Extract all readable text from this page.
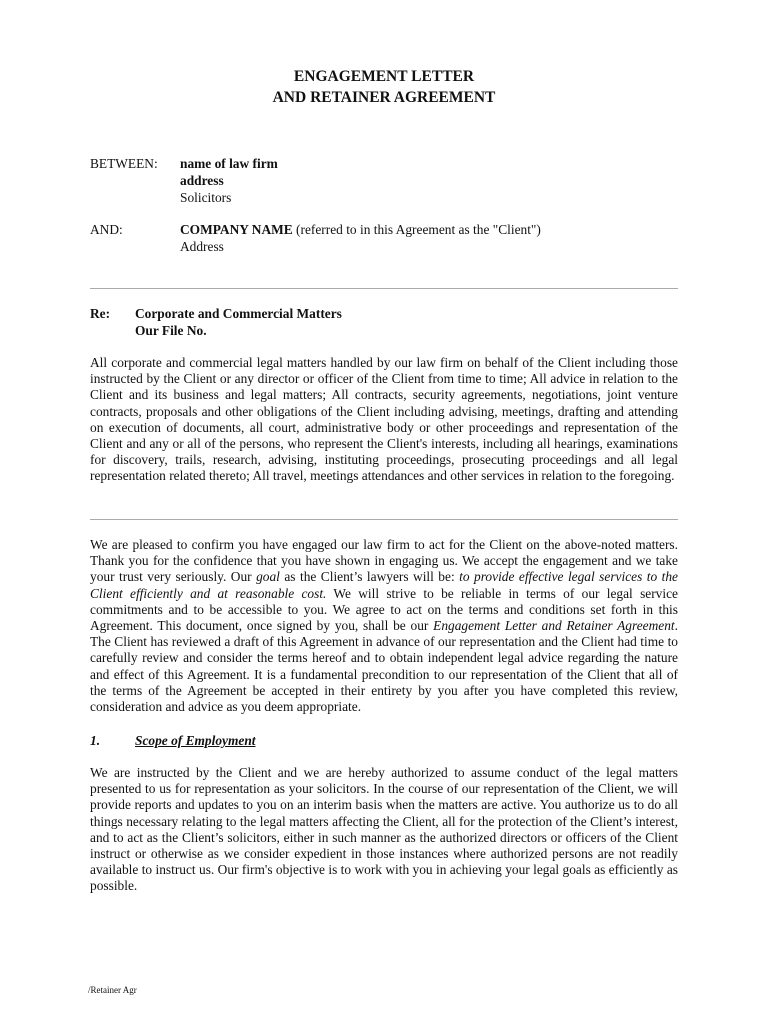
ENGAGEMENT LETTER
AND RETAINER AGREEMENT
BETWEEN:	name of law firm
address
Solicitors
AND:	COMPANY NAME (referred to in this Agreement as the "Client")
Address
Re: Corporate and Commercial Matters
Our File No.
All corporate and commercial legal matters handled by our law firm on behalf of the Client including those instructed by the Client or any director or officer of the Client from time to time; All advice in relation to the Client and its business and legal matters; All contracts, security agreements, negotiations, joint venture contracts, proposals and other obligations of the Client including advising, meetings, drafting and attending on execution of documents, all court, administrative body or other proceedings and representation of the Client and any or all of the persons, who represent the Client's interests, including all hearings, examinations for discovery, trails, research, advising, instituting proceedings, prosecuting proceedings and all legal representation related thereto; All travel, meetings attendances and other services in relation to the foregoing.
We are pleased to confirm you have engaged our law firm to act for the Client on the above-noted matters. Thank you for the confidence that you have shown in engaging us. We accept the engagement and we take your trust very seriously. Our goal as the Client’s lawyers will be: to provide effective legal services to the Client efficiently and at reasonable cost. We will strive to be reliable in terms of our legal service commitments and to be accessible to you. We agree to act on the terms and conditions set forth in this Agreement. This document, once signed by you, shall be our Engagement Letter and Retainer Agreement. The Client has reviewed a draft of this Agreement in advance of our representation and the Client had time to carefully review and consider the terms hereof and to obtain independent legal advice regarding the nature and effect of this Agreement. It is a fundamental precondition to our representation of the Client that all of the terms of the Agreement be accepted in their entirety by you after you have completed this review, consideration and advice as you deem appropriate.
1.	Scope of Employment
We are instructed by the Client and we are hereby authorized to assume conduct of the legal matters presented to us for representation as your solicitors. In the course of our representation of the Client, we will provide reports and updates to you on an interim basis when the matters are active. You authorize us to do all things necessary relating to the legal matters affecting the Client, all for the protection of the Client’s interest, and to act as the Client’s solicitors, either in such manner as the authorized directors or officers of the Client instruct or otherwise as we consider expedient in those instances where authorized persons are not readily available to instruct us. Our firm's objective is to work with you in achieving your legal goals as efficiently as possible.
/Retainer Agr
